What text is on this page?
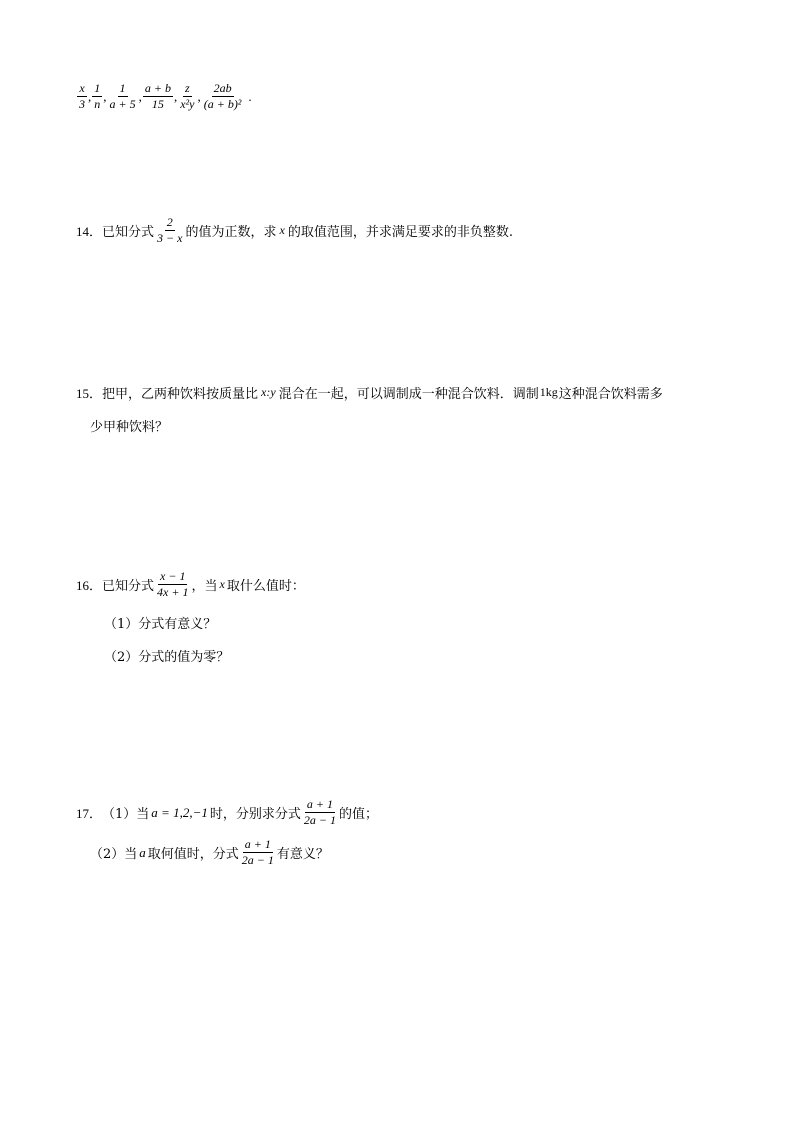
$\frac{x}{3}$ , $\frac{1}{n}$ , $\frac{1}{a + 5}$ , $\frac{a + b}{15}$ , $\frac{z}{\text{x²y}}$ , $\frac{2ab}{\text{(a + b)²}}$ .
14． 已知分式 $\frac{2}{3 - x}$ 的值为正数，求 x 的取值范围，并求满足要求的非负整数.
15． 把甲，乙两种饮料按质量比 x:y 混合在一起，可以调制成一种混合饮料．调制 1kg 这种混合饮料需多
少甲种饮料？
16． 已知分式 $\frac{x - 1}{4x + 1}$ ，当 x 取什么值时：
（1）分式有意义？
（2）分式的值为零？
17． （1）当 a = 1,2,−1 时，分别求分式 $\frac{a + 1}{2a - 1}$ 的值；
（2）当 a 取何值时，分式 $\frac{a + 1}{2a - 1}$ 有意义？
